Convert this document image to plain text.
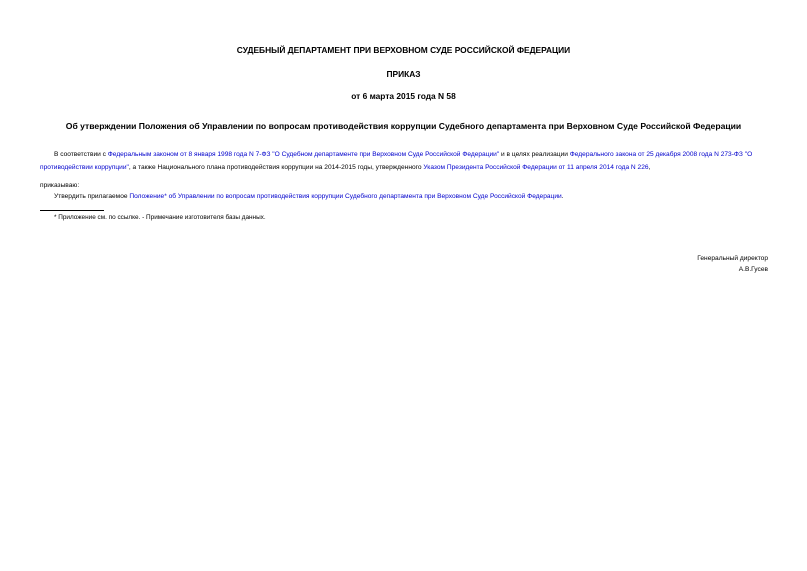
СУДЕБНЫЙ ДЕПАРТАМЕНТ ПРИ ВЕРХОВНОМ СУДЕ РОССИЙСКОЙ ФЕДЕРАЦИИ
ПРИКАЗ
от 6 марта 2015 года N 58
Об утверждении Положения об Управлении по вопросам противодействия коррупции Судебного департамента при Верховном Суде Российской Федерации
В соответствии с Федеральным законом от 8 января 1998 года N 7-ФЗ "О Судебном департаменте при Верховном Суде Российской Федерации" и в целях реализации Федерального закона от 25 декабря 2008 года N 273-ФЗ "О противодействии коррупции", а также Национального плана противодействия коррупции на 2014-2015 годы, утвержденного Указом Президента Российской Федерации от 11 апреля 2014 года N 226,
приказываю:
Утвердить прилагаемое Положение* об Управлении по вопросам противодействия коррупции Судебного департамента при Верховном Суде Российской Федерации.
* Приложение см. по ссылке. - Примечание изготовителя базы данных.
Генеральный директор
А.В.Гусев
